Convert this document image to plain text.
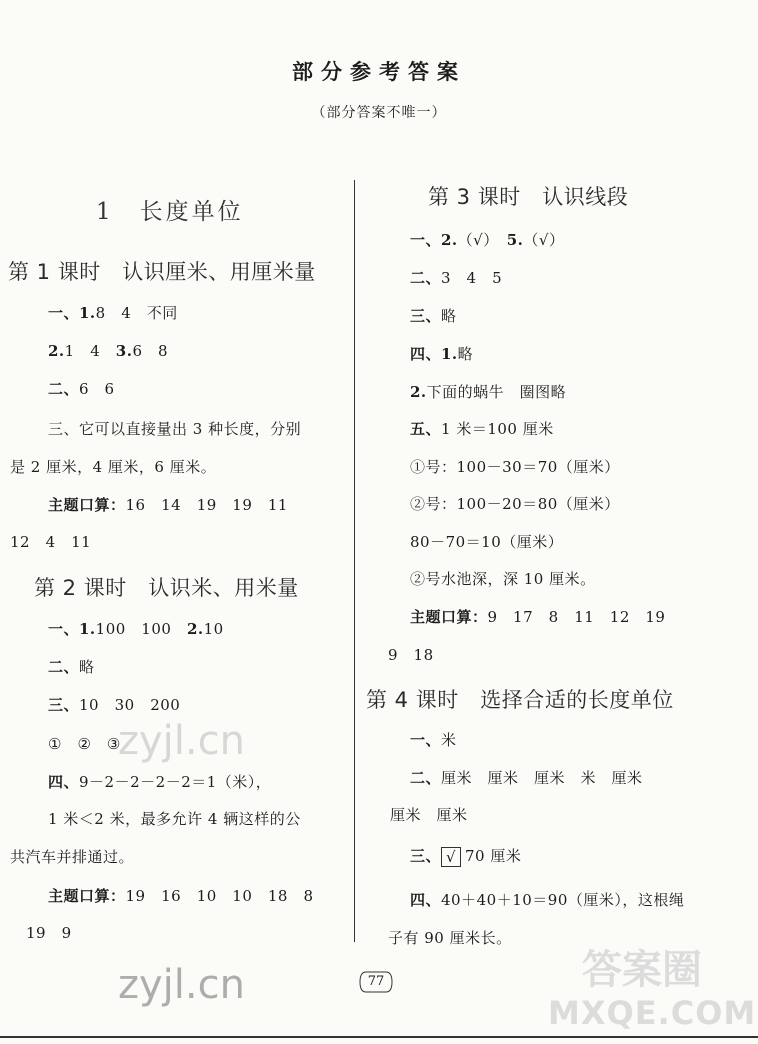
部分参考答案
（部分答案不唯一）
1　长度单位
第 1 课时　认识厘米、用厘米量
一、1.8　4　不同
2.1　4　3.6　8
二、6　6
三、它可以直接量出 3 种长度，分别
是 2 厘米，4 厘米，6 厘米。
主题口算：16　14　19　19　11
12　4　11
第 2 课时　认识米、用米量
一、1.100　100　2.10
二、略
三、10　30　200
①　②　③
四、9－2－2－2－2＝1（米），
1 米＜2 米，最多允许 4 辆这样的公
共汽车并排通过。
主题口算：19　16　10　10　18　8
19　9
第 3 课时　认识线段
一、2.（√）　5.（√）
二、3　4　5
三、略
四、1.略
2.下面的蜗牛　圈图略
五、1 米＝100 厘米
①号：100－30＝70（厘米）
②号：100－20＝80（厘米）
80－70＝10（厘米）
②号水池深，深 10 厘米。
主题口算：9　17　8　11　12　19
9　18
第 4 课时　选择合适的长度单位
一、米
二、厘米　厘米　厘米　米　厘米
厘米　厘米
三、 √ 70 厘米
四、40＋40＋10＝90（厘米），这根绳
子有 90 厘米长。
zyjl.cn
zyjl.cn	答案圈
MXQE.COM
77
